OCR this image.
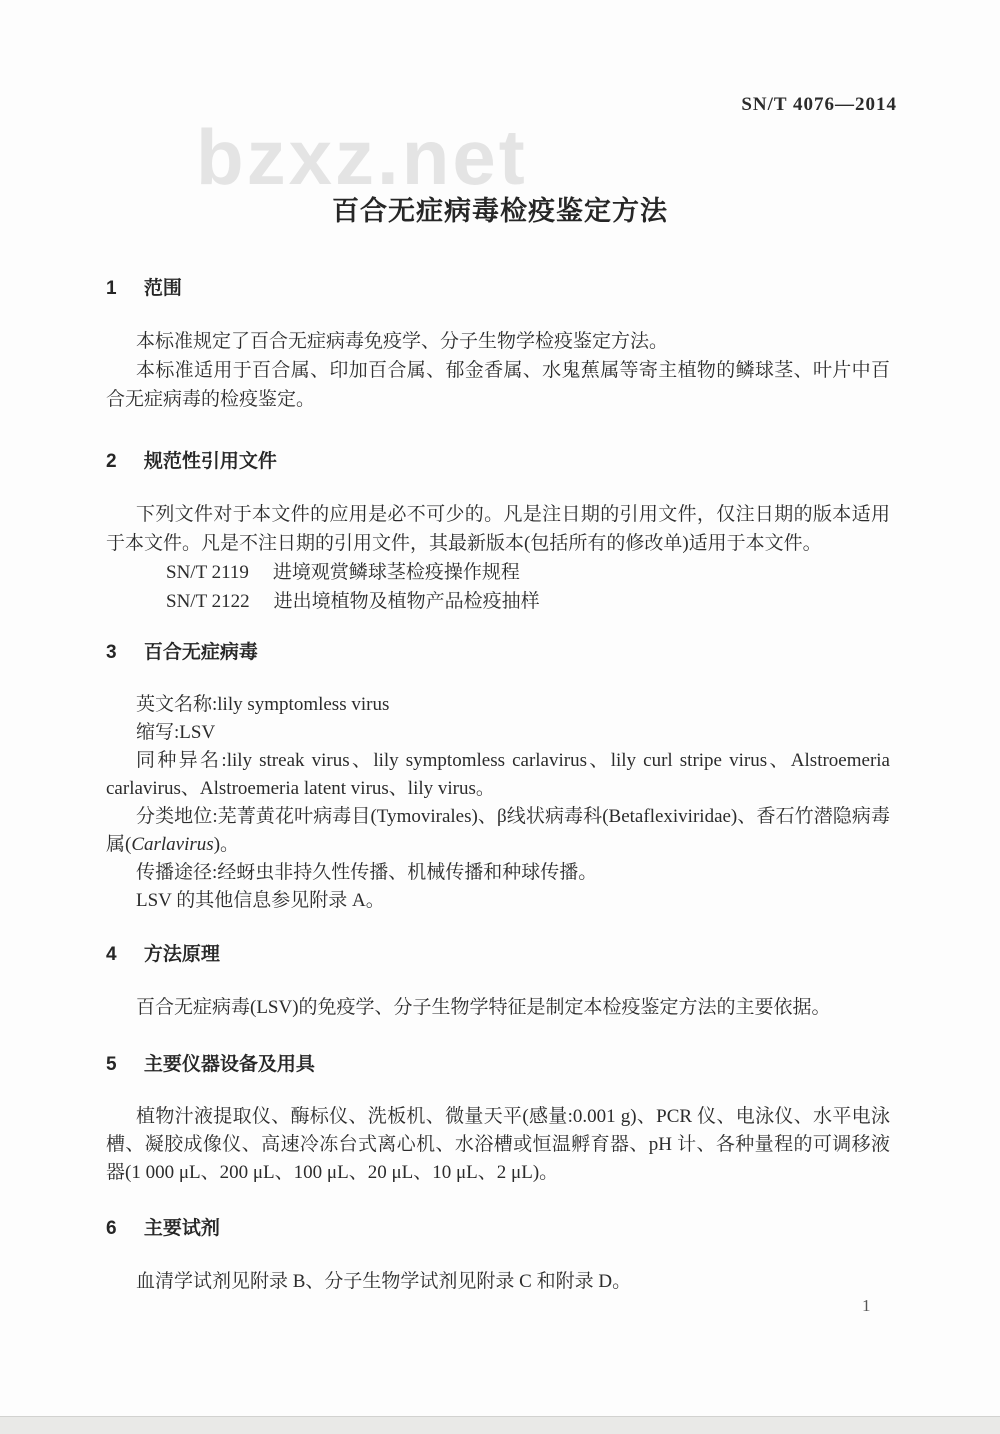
bzxz.net
SN/T 4076—2014
百合无症病毒检疫鉴定方法
1 范围

本标准规定了百合无症病毒免疫学、分子生物学检疫鉴定方法。

本标准适用于百合属、印加百合属、郁金香属、水鬼蕉属等寄主植物的鳞球茎、叶片中百合无症病毒的检疫鉴定。

2 规范性引用文件

下列文件对于本文件的应用是必不可少的。凡是注日期的引用文件，仅注日期的版本适用于本文件。凡是不注日期的引用文件，其最新版本(包括所有的修改单)适用于本文件。

SN/T 2119 进境观赏鳞球茎检疫操作规程

SN/T 2122 进出境植物及植物产品检疫抽样

3 百合无症病毒

英文名称:lily symptomless virus

缩写:LSV

同种异名:lily streak virus、lily symptomless carlavirus、lily curl stripe virus、Alstroemeria carlavirus、Alstroemeria latent virus、lily virus。

分类地位:芜菁黄花叶病毒目(Tymovirales)、β线状病毒科(Betaflexiviridae)、香石竹潜隐病毒属(Carlavirus)。

传播途径:经蚜虫非持久性传播、机械传播和种球传播。

LSV 的其他信息参见附录 A。

4 方法原理

百合无症病毒(LSV)的免疫学、分子生物学特征是制定本检疫鉴定方法的主要依据。

5 主要仪器设备及用具

植物汁液提取仪、酶标仪、洗板机、微量天平(感量:0.001 g)、PCR 仪、电泳仪、水平电泳槽、凝胶成像仪、高速冷冻台式离心机、水浴槽或恒温孵育器、pH 计、各种量程的可调移液器(1 000 μL、200 μL、100 μL、20 μL、10 μL、2 μL)。

6 主要试剂

血清学试剂见附录 B、分子生物学试剂见附录 C 和附录 D。

1
